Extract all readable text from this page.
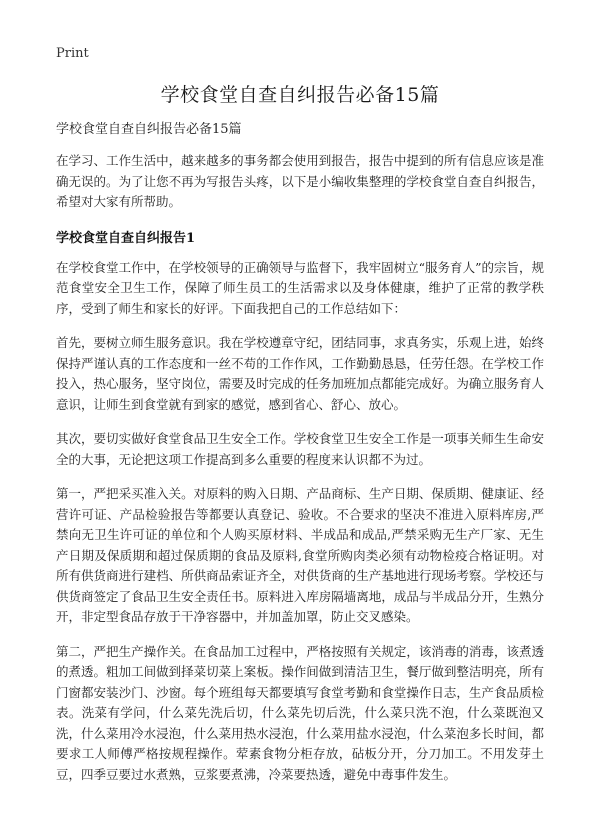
Print
学校食堂自查自纠报告必备15篇
学校食堂自查自纠报告必备15篇

在学习、工作生活中，越来越多的事务都会使用到报告，报告中提到的所有信息应该是准确无误的。为了让您不再为写报告头疼，以下是小编收集整理的学校食堂自查自纠报告，希望对大家有所帮助。

学校食堂自查自纠报告1

在学校食堂工作中，在学校领导的正确领导与监督下，我牢固树立“服务育人”的宗旨，规范食堂安全卫生工作，保障了师生员工的生活需求以及身体健康，维护了正常的教学秩序，受到了师生和家长的好评。下面我把自己的工作总结如下：

首先，要树立师生服务意识。我在学校遵章守纪，团结同事，求真务实，乐观上进，始终保持严谨认真的工作态度和一丝不苟的工作作风，工作勤勤恳恳，任劳任怨。在学校工作投入，热心服务，坚守岗位，需要及时完成的任务加班加点都能完成好。为确立服务育人意识，让师生到食堂就有到家的感觉，感到省心、舒心、放心。

其次，要切实做好食堂食品卫生安全工作。学校食堂卫生安全工作是一项事关师生生命安全的大事，无论把这项工作提高到多么重要的程度来认识都不为过。

第一，严把采买准入关。对原料的购入日期、产品商标、生产日期、保质期、健康证、经营许可证、产品检验报告等都要认真登记、验收。不合要求的坚决不准进入原料库房,严禁向无卫生许可证的单位和个人购买原材料、半成品和成品,严禁采购无生产厂家、无生产日期及保质期和超过保质期的食品及原料,食堂所购肉类必须有动物检疫合格证明。对所有供货商进行建档、所供商品索证齐全，对供货商的生产基地进行现场考察。学校还与供货商签定了食品卫生安全责任书。原料进入库房隔墙离地，成品与半成品分开，生熟分开，非定型食品存放于干净容器中，并加盖加罩，防止交叉感染。

第二，严把生产操作关。在食品加工过程中，严格按照有关规定，该消毒的消毒，该煮透的煮透。粗加工间做到择菜切菜上案板。操作间做到清洁卫生，餐厅做到整洁明亮，所有门窗都安装沙门、沙窗。每个班组每天都要填写食堂考勤和食堂操作日志，生产食品质检表。洗菜有学问，什么菜先洗后切，什么菜先切后洗，什么菜只洗不泡，什么菜既泡又洗，什么菜用冷水浸泡，什么菜用热水浸泡，什么菜用盐水浸泡，什么菜泡多长时间，都要求工人师傅严格按规程操作。荤素食物分柜存放，砧板分开，分刀加工。不用发芽土豆，四季豆要过水煮熟，豆浆要煮沸，冷菜要热透，避免中毒事件发生。
